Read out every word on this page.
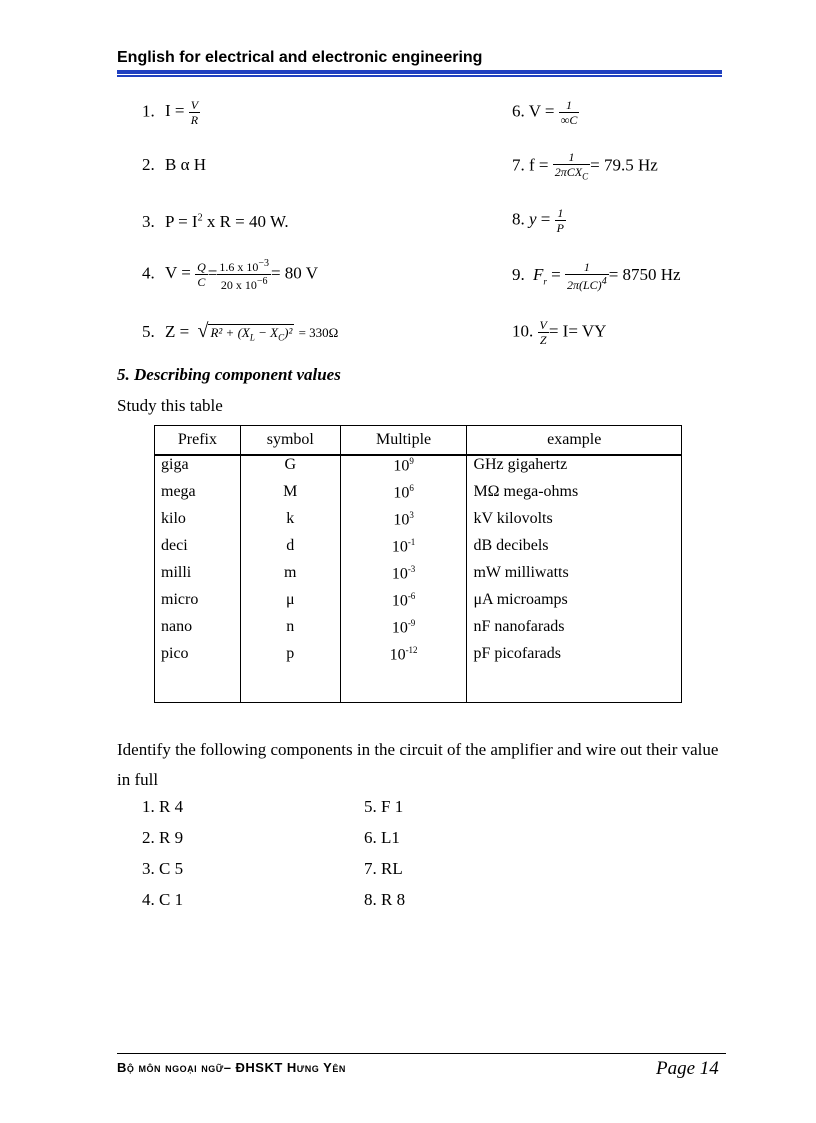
English for electrical and electronic engineering
1. $I = \frac{V}{R}$
2. B α H
3. $P = I^2$ x R = 40 W.
4. $V = \frac{Q}{C} = \frac{1.6 x 10^{-3}}{20 x 10^{-6}} = 80$ V
5. Z = √ $R^2 + (X_L - X_C)^2 = 330\Omega$
6. $V = \frac{1}{\infty C}$
7. $f = \frac{1}{2\pi CX_C} = 79.5$ Hz
8. $y = \frac{1}{P}$
9. $F_r = \frac{1}{2\pi(LC)^4} = 8750$ Hz
10. $\frac{V}{Z} = I=$ VY
5. Describing component values
Study this table
Prefix	symbol	Multiple	example
giga	G	$10^9$	GHz gigahertz
mega	M	$10^6$	MΩ mega-ohms
kilo	k	$10^3$	kV kilovolts
deci	d	$10^{-1}$	dB decibels
milli	m	$10^{-3}$	mW milliwatts
micro	μ	$10^{-6}$	μA microamps
nano	n	$10^{-9}$	nF nanofarads
pico	p	$10^{-12}$	pF picofarads

Identify the following components in the circuit of the amplifier and wire out their value in full
1. R 4
2. R 9
3. C 5
4. C 1
5. F 1
6. L1
7. RL
8. R 8
Bộ môn ngoại ngữ– ĐHSKT Hưng Yên	Page 14
